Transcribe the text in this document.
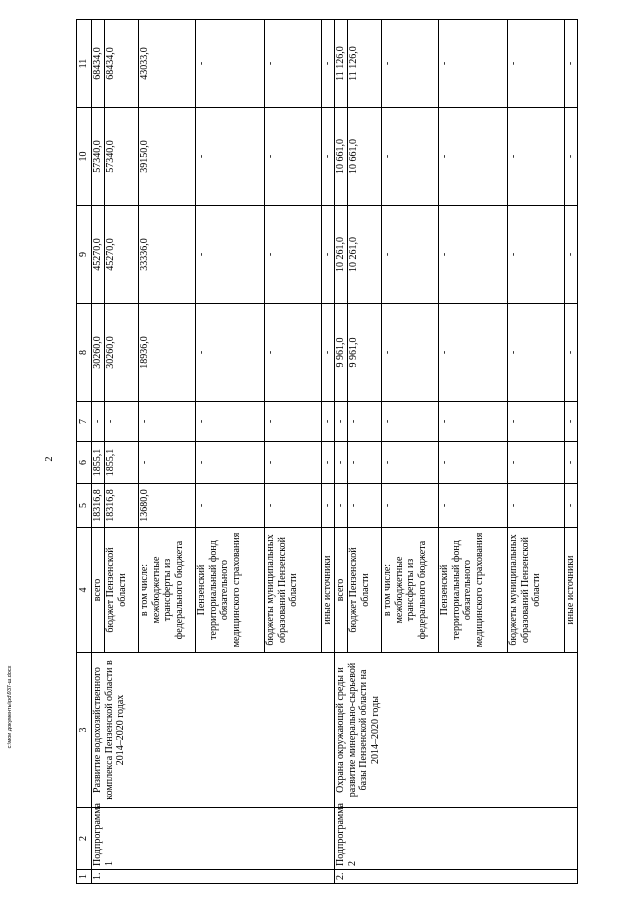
2
c:\мои документы\pd\937-ш.docx
1	2	3	4	5	6	7	8	9	10	11
1.	Подпрограмма 1	Развитие водохозяйственного комплекса Пензенской области в 2014–2020 годах	всего	18316,8	1855,1	-	30260,0	45270,0	57340,0	68434,0
			бюджет Пензенской области	18316,8	1855,1	-	30260,0	45270,0	57340,0	68434,0
			в том числе: межбюджетные трансферты из федерального бюджета	13680,0	-	-	18936,0	33336,0	39150,0	43033,0
			Пензенский территориальный фонд обязательного медицинского страхования	-	-	-	-	-	-	-
			бюджеты муниципальных образований Пензенской области	-	-	-	-	-	-	-
			иные источники	-	-	-	-	-	-	-
2.	Подпрограмма 2	Охрана окружающей среды и развитие минерально-сырьевой базы Пензенской области на 2014–2020 годы	всего	-	-	-	9 961,0	10 261,0	10 661,0	11 126,0
			бюджет Пензенской области	-	-	-	9 961,0	10 261,0	10 661,0	11 126,0
			в том числе: межбюджетные трансферты из федерального бюджета	-	-	-	-	-	-	-
			Пензенский территориальный фонд обязательного медицинского страхования	-	-	-	-	-	-	-
			бюджеты муниципальных образований Пензенской области	-	-	-	-	-	-	-
			иные источники	-	-	-	-	-	-	-
